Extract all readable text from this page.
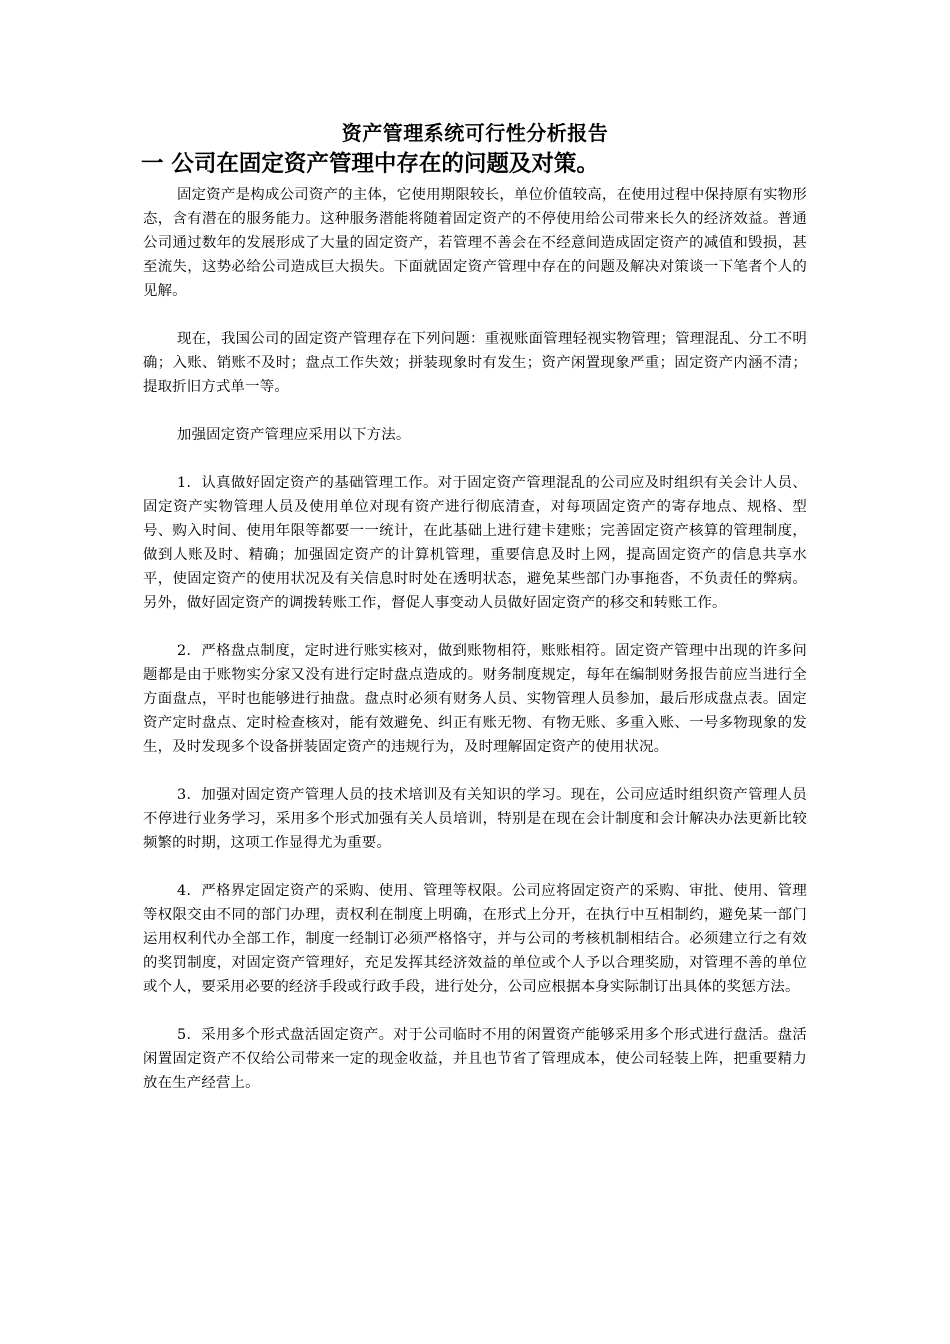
资产管理系统可行性分析报告
一 公司在固定资产管理中存在的问题及对策。

固定资产是构成公司资产的主体，它使用期限较长，单位价值较高，在使用过程中保持原有实物形态，含有潜在的服务能力。这种服务潜能将随着固定资产的不停使用给公司带来长久的经济效益。普通公司通过数年的发展形成了大量的固定资产，若管理不善会在不经意间造成固定资产的减值和毁损，甚至流失，这势必给公司造成巨大损失。下面就固定资产管理中存在的问题及解决对策谈一下笔者个人的见解。

现在，我国公司的固定资产管理存在下列问题：重视账面管理轻视实物管理；管理混乱、分工不明确；入账、销账不及时；盘点工作失效；拼装现象时有发生；资产闲置现象严重；固定资产内涵不清；提取折旧方式单一等。

加强固定资产管理应采用以下方法。

1．认真做好固定资产的基础管理工作。对于固定资产管理混乱的公司应及时组织有关会计人员、固定资产实物管理人员及使用单位对现有资产进行彻底清查，对每项固定资产的寄存地点、规格、型号、购入时间、使用年限等都要一一统计，在此基础上进行建卡建账；完善固定资产核算的管理制度，做到人账及时、精确；加强固定资产的计算机管理，重要信息及时上网，提高固定资产的信息共享水平，使固定资产的使用状况及有关信息时时处在透明状态，避免某些部门办事拖沓，不负责任的弊病。另外，做好固定资产的调拨转账工作，督促人事变动人员做好固定资产的移交和转账工作。

2．严格盘点制度，定时进行账实核对，做到账物相符，账账相符。固定资产管理中出现的许多问题都是由于账物实分家又没有进行定时盘点造成的。财务制度规定，每年在编制财务报告前应当进行全方面盘点，平时也能够进行抽盘。盘点时必须有财务人员、实物管理人员参加，最后形成盘点表。固定资产定时盘点、定时检查核对，能有效避免、纠正有账无物、有物无账、多重入账、一号多物现象的发生，及时发现多个设备拼装固定资产的违规行为，及时理解固定资产的使用状况。

3．加强对固定资产管理人员的技术培训及有关知识的学习。现在，公司应适时组织资产管理人员不停进行业务学习，采用多个形式加强有关人员培训，特别是在现在会计制度和会计解决办法更新比较频繁的时期，这项工作显得尤为重要。

4．严格界定固定资产的采购、使用、管理等权限。公司应将固定资产的采购、审批、使用、管理等权限交由不同的部门办理，责权利在制度上明确，在形式上分开，在执行中互相制约，避免某一部门运用权利代办全部工作，制度一经制订必须严格恪守，并与公司的考核机制相结合。必须建立行之有效的奖罚制度，对固定资产管理好，充足发挥其经济效益的单位或个人予以合理奖励，对管理不善的单位或个人，要采用必要的经济手段或行政手段，进行处分，公司应根据本身实际制订出具体的奖惩方法。

5．采用多个形式盘活固定资产。对于公司临时不用的闲置资产能够采用多个形式进行盘活。盘活闲置固定资产不仅给公司带来一定的现金收益，并且也节省了管理成本，使公司轻装上阵，把重要精力放在生产经营上。
